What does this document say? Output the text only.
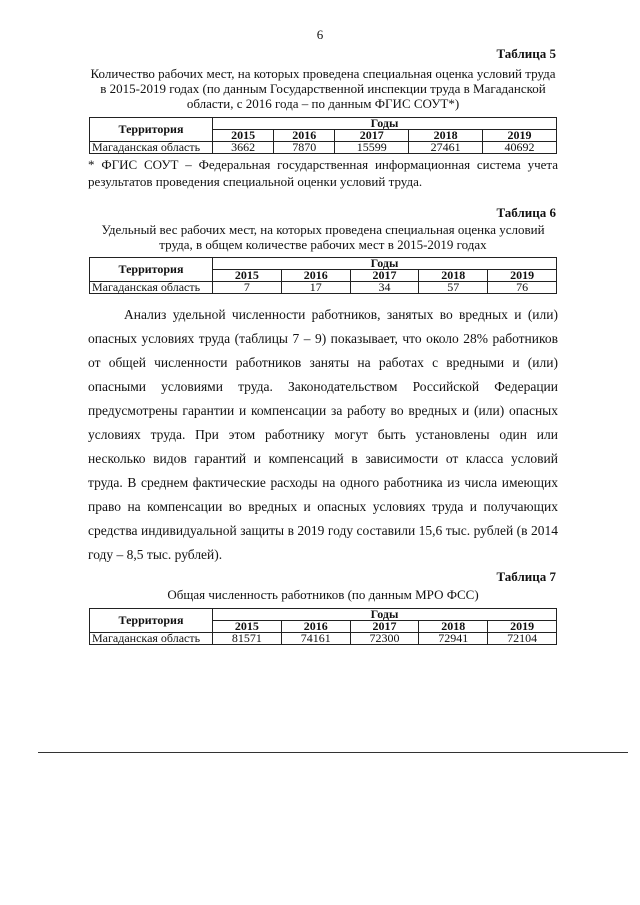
6
Таблица 5
Количество рабочих мест, на которых проведена специальная оценка условий труда в 2015-2019 годах (по данным Государственной инспекции труда в Магаданской области, с 2016 года – по данным ФГИС СОУТ*)
Территория	Годы				
	2015	2016	2017	2018	2019
Магаданская область	3662	7870	15599	27461	40692
* ФГИС СОУТ – Федеральная государственная информационная система учета результатов проведения специальной оценки условий труда.
Таблица 6
Удельный вес рабочих мест, на которых проведена специальная оценка условий труда, в общем количестве рабочих мест в 2015-2019 годах
Территория	Годы				
	2015	2016	2017	2018	2019
Магаданская область	7	17	34	57	76
Анализ удельной численности работников, занятых во вредных и (или) опасных условиях труда (таблицы 7 – 9) показывает, что около 28% работников от общей численности работников заняты на работах с вредными и (или) опасными условиями труда. Законодательством Российской Федерации предусмотрены гарантии и компенсации за работу во вредных и (или) опасных условиях труда. При этом работнику могут быть установлены один или несколько видов гарантий и компенсаций в зависимости от класса условий труда. В среднем фактические расходы на одного работника из числа имеющих право на компенсации во вредных и опасных условиях труда и получающих средства индивидуальной защиты в 2019 году составили 15,6 тыс. рублей (в 2014 году – 8,5 тыс. рублей).
Таблица 7
Общая численность работников (по данным МРО ФСС)
Территория	Годы				
	2015	2016	2017	2018	2019
Магаданская область	81571	74161	72300	72941	72104
